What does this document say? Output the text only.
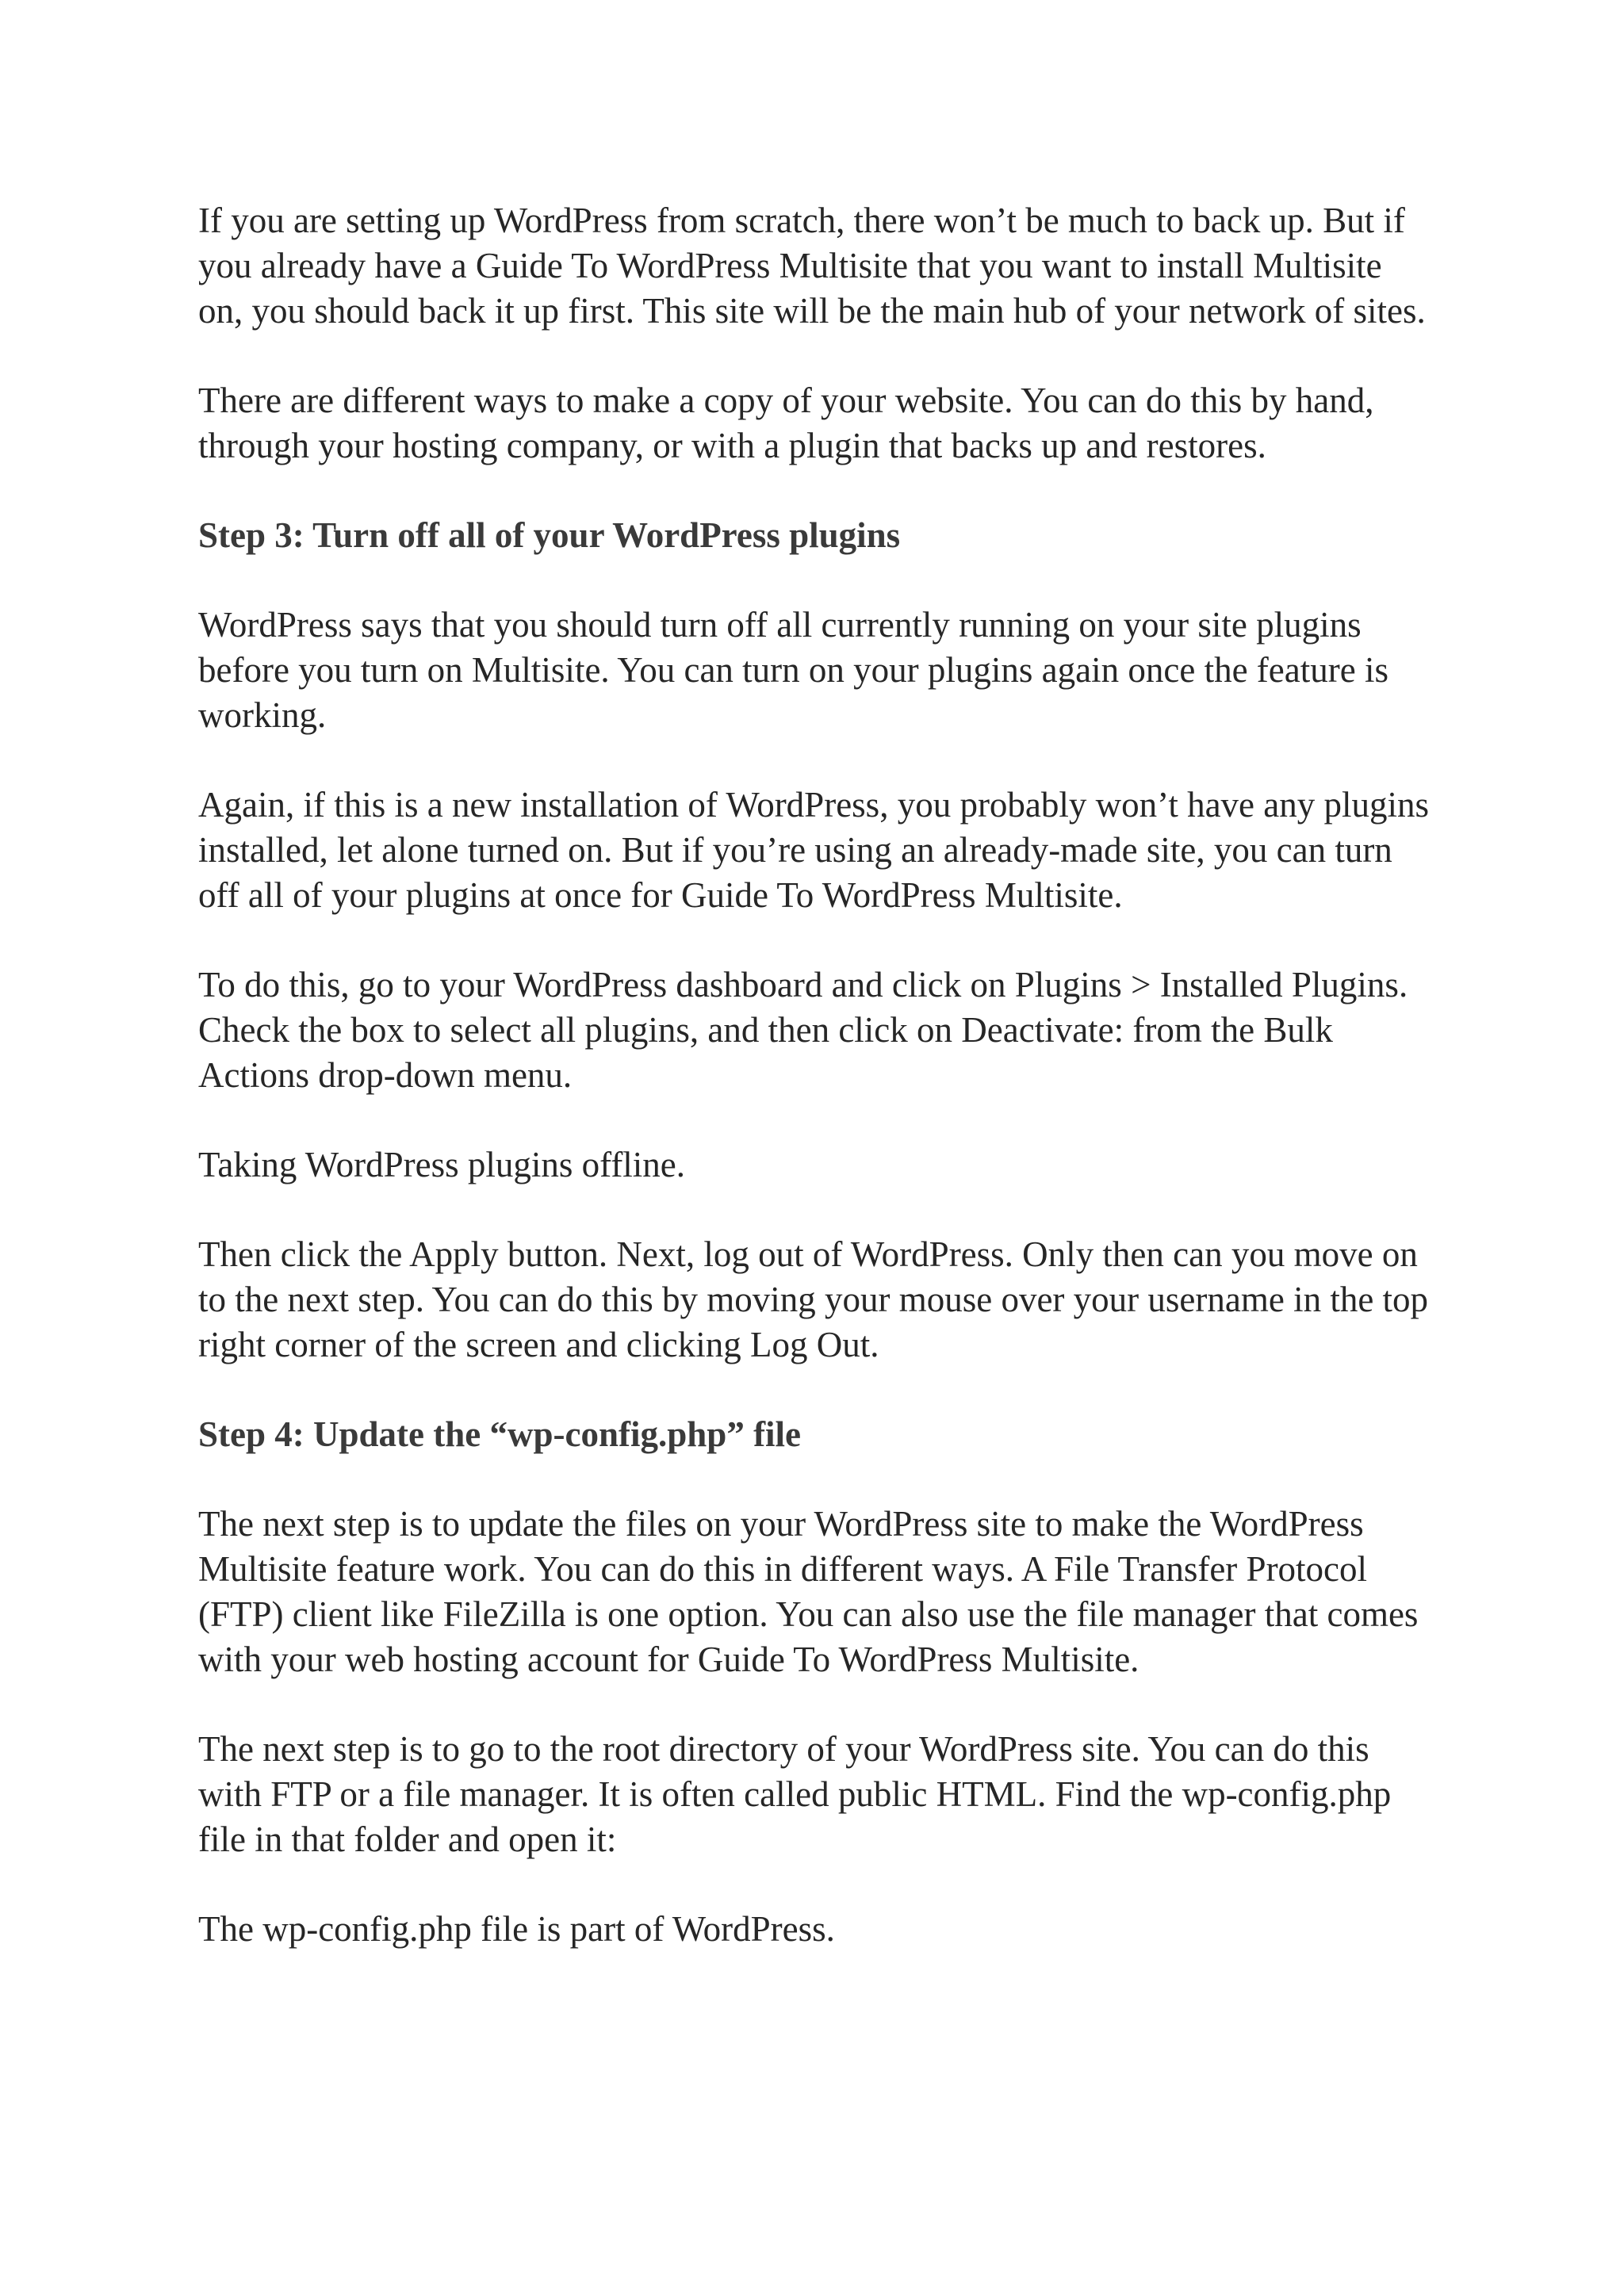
If you are setting up WordPress from scratch, there won’t be much to back up. But if you already have a Guide To WordPress Multisite that you want to install Multisite on, you should back it up first. This site will be the main hub of your network of sites.

There are different ways to make a copy of your website. You can do this by hand, through your hosting company, or with a plugin that backs up and restores.

Step 3: Turn off all of your WordPress plugins

WordPress says that you should turn off all currently running on your site plugins before you turn on Multisite. You can turn on your plugins again once the feature is working.

Again, if this is a new installation of WordPress, you probably won’t have any plugins installed, let alone turned on. But if you’re using an already-made site, you can turn off all of your plugins at once for Guide To WordPress Multisite.

To do this, go to your WordPress dashboard and click on Plugins > Installed Plugins. Check the box to select all plugins, and then click on Deactivate: from the Bulk Actions drop-down menu.

Taking WordPress plugins offline.

Then click the Apply button. Next, log out of WordPress. Only then can you move on to the next step. You can do this by moving your mouse over your username in the top right corner of the screen and clicking Log Out.

Step 4: Update the “wp-config.php” file

The next step is to update the files on your WordPress site to make the WordPress Multisite feature work. You can do this in different ways. A File Transfer Protocol (FTP) client like FileZilla is one option. You can also use the file manager that comes with your web hosting account for Guide To WordPress Multisite.

The next step is to go to the root directory of your WordPress site. You can do this with FTP or a file manager. It is often called public HTML. Find the wp-config.php file in that folder and open it:

The wp-config.php file is part of WordPress.
